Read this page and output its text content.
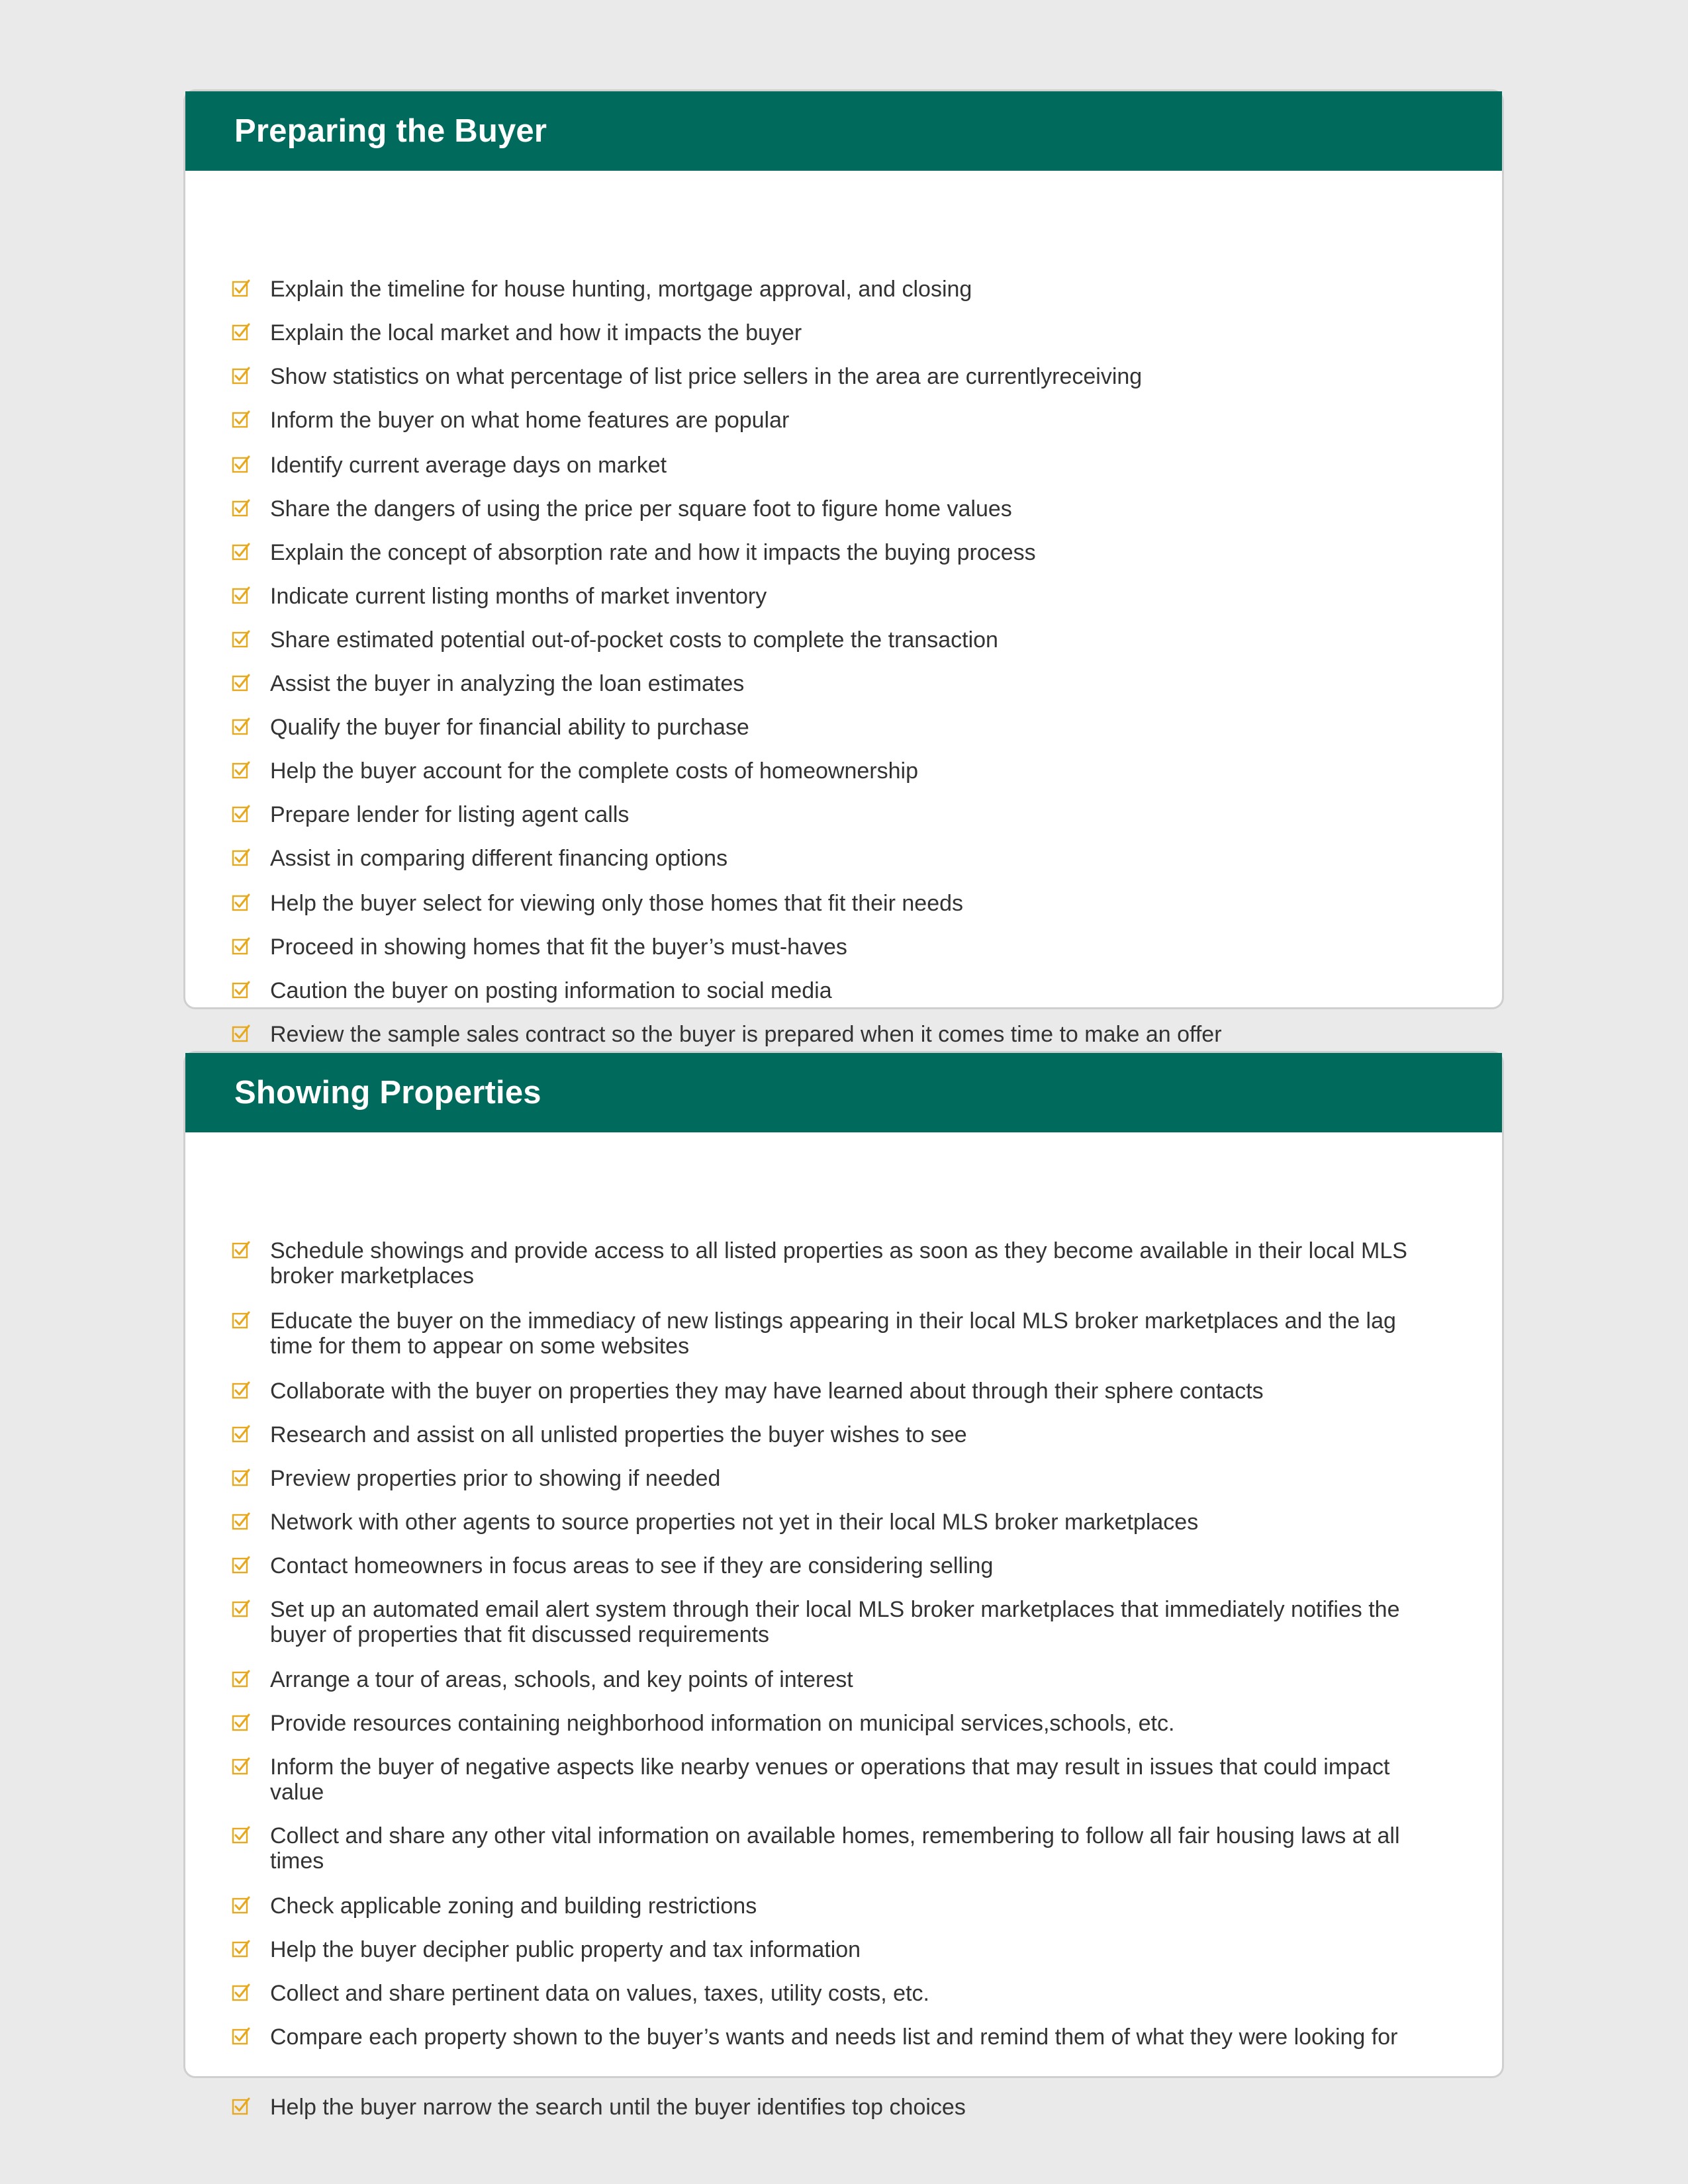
Preparing the Buyer
Explain the timeline for house hunting, mortgage approval, and closing
Explain the local market and how it impacts the buyer
Show statistics on what percentage of list price sellers in the area are currentlyreceiving
Inform the buyer on what home features are popular
Identify current average days on market
Share the dangers of using the price per square foot to figure home values
Explain the concept of absorption rate and how it impacts the buying process
Indicate current listing months of market inventory
Share estimated potential out-of-pocket costs to complete the transaction
Assist the buyer in analyzing the loan estimates
Qualify the buyer for financial ability to purchase
Help the buyer account for the complete costs of homeownership
Prepare lender for listing agent calls
Assist in comparing different financing options
Help the buyer select for viewing only those homes that fit their needs
Proceed in showing homes that fit the buyer’s must-haves
Caution the buyer on posting information to social media
Review the sample sales contract so the buyer is prepared when it comes time to make an offer
Showing Properties
Schedule showings and provide access to all listed properties as soon as they become available in their local MLS broker marketplaces
Educate the buyer on the immediacy of new listings appearing in their local MLS broker marketplaces and the lag time for them to appear on some websites
Collaborate with the buyer on properties they may have learned about through their sphere contacts
Research and assist on all unlisted properties the buyer wishes to see
Preview properties prior to showing if needed
Network with other agents to source properties not yet in their local MLS broker marketplaces
Contact homeowners in focus areas to see if they are considering selling
Set up an automated email alert system through their local MLS broker marketplaces that immediately notifies the buyer of properties that fit discussed requirements
Arrange a tour of areas, schools, and key points of interest
Provide resources containing neighborhood information on municipal services,schools, etc.
Inform the buyer of negative aspects like nearby venues or operations that may result in issues that could impact value
Collect and share any other vital information on available homes, remembering to follow all fair housing laws at all times
Check applicable zoning and building restrictions
Help the buyer decipher public property and tax information
Collect and share pertinent data on values, taxes, utility costs, etc.
Compare each property shown to the buyer’s wants and needs list and remind them of what they were looking for
Help the buyer narrow the search until the buyer identifies top choices
